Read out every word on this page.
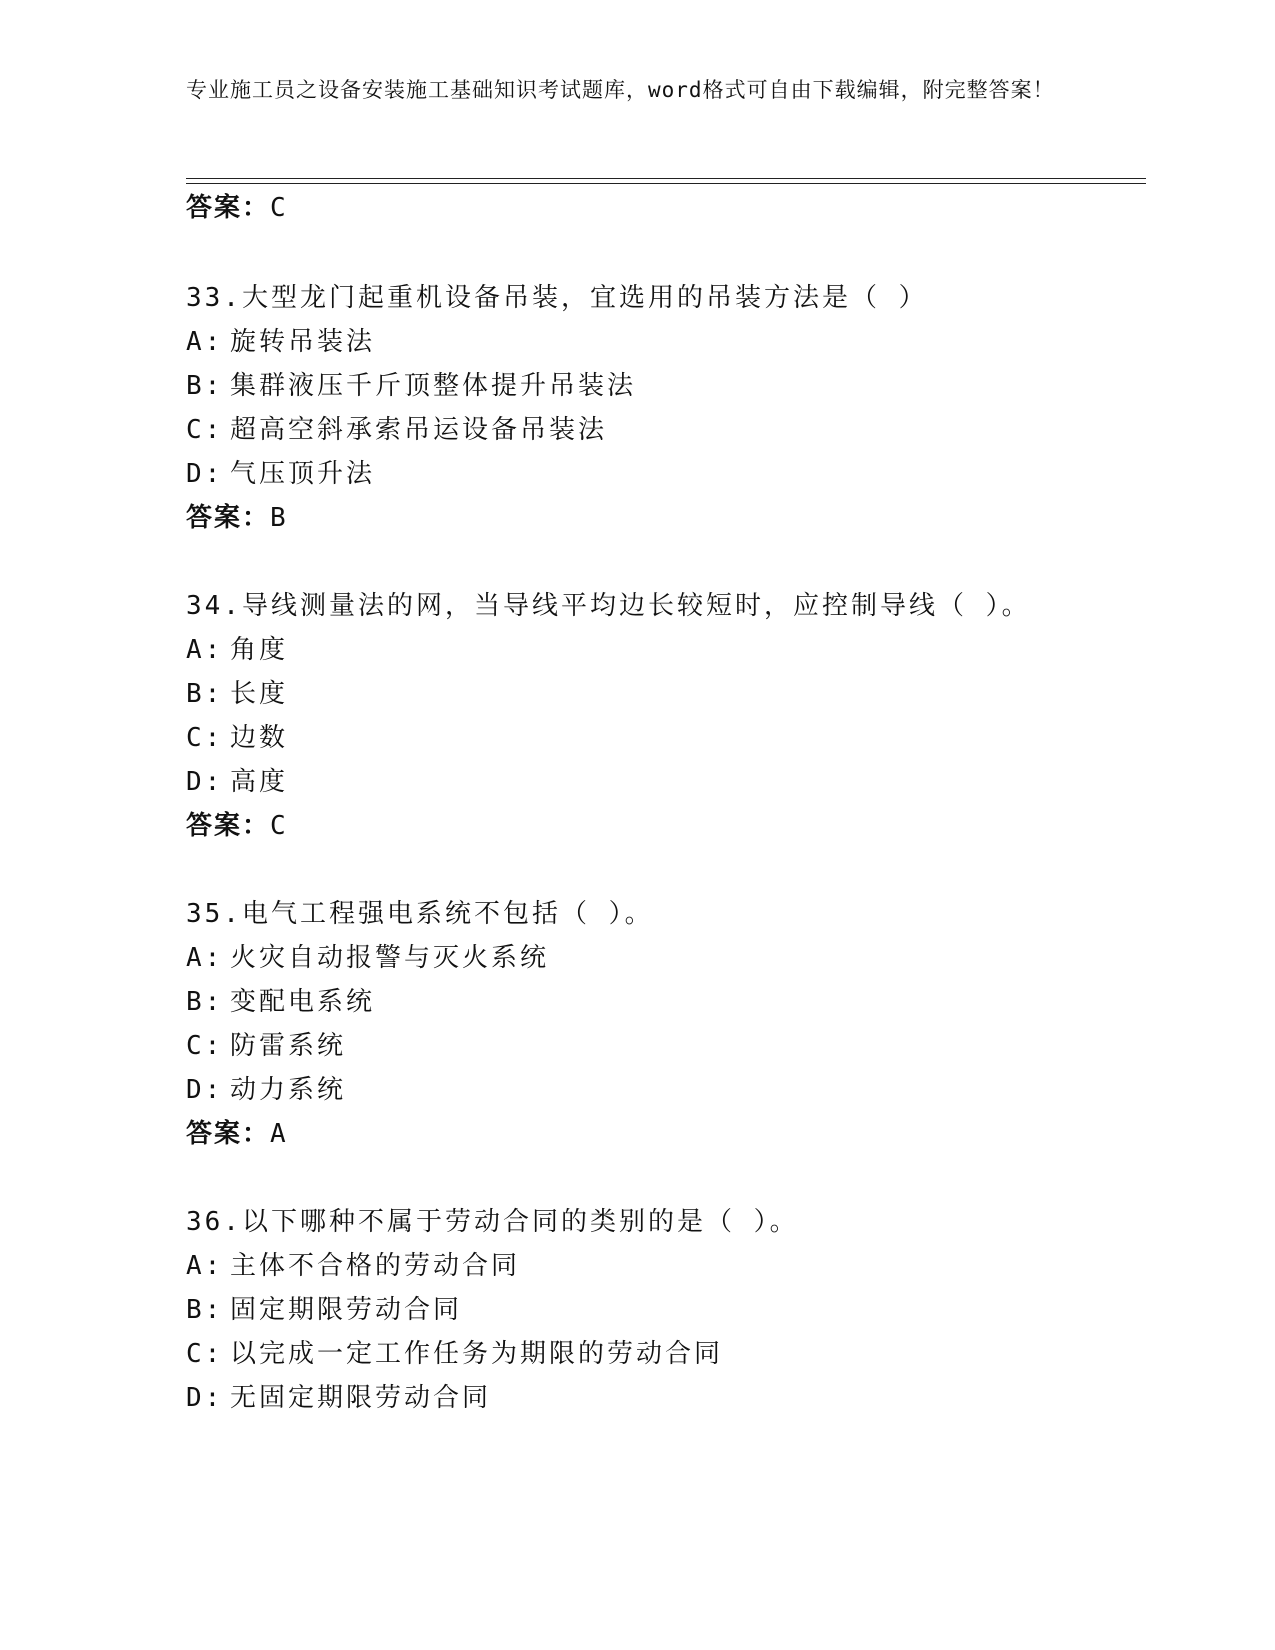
专业施工员之设备安装施工基础知识考试题库，word格式可自由下载编辑，附完整答案！
答案：C
33.大型龙门起重机设备吊装，宜选用的吊装方法是（ ）
A: 旋转吊装法
B: 集群液压千斤顶整体提升吊装法
C: 超高空斜承索吊运设备吊装法
D: 气压顶升法
答案：B
34.导线测量法的网，当导线平均边长较短时，应控制导线（ ）。
A: 角度
B: 长度
C: 边数
D: 高度
答案：C
35.电气工程强电系统不包括（ ）。
A: 火灾自动报警与灭火系统
B: 变配电系统
C: 防雷系统
D: 动力系统
答案：A
36.以下哪种不属于劳动合同的类别的是（ ）。
A: 主体不合格的劳动合同
B: 固定期限劳动合同
C: 以完成一定工作任务为期限的劳动合同
D: 无固定期限劳动合同
